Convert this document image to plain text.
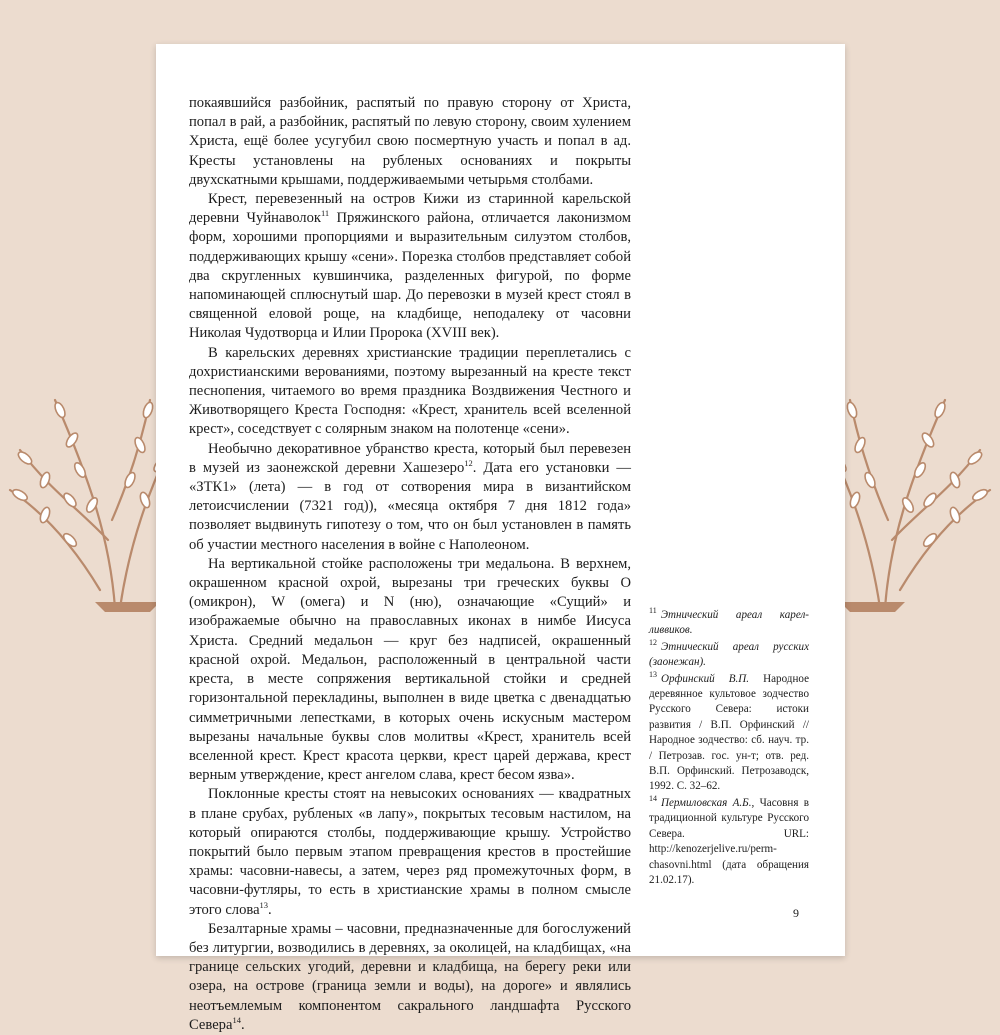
покаявшийся разбойник, распятый по правую сторону от Христа, попал в рай, а разбойник, распятый по левую сторону, своим хулением Христа, ещё более усугубил свою посмертную участь и попал в ад. Кресты установлены на рубленых основаниях и покрыты двухскатными крышами, поддерживаемыми четырьмя столбами.

Крест, перевезенный на остров Кижи из старинной карельской деревни Чуйнаволок$^{11}$ Пряжинского района, отличается лаконизмом форм, хорошими пропорциями и выразительным силуэтом столбов, поддерживающих крышу «сени». Порезка столбов представляет собой два скругленных кувшинчика, разделенных фигурой, по форме напоминающей сплюснутый шар. До перевозки в музей крест стоял в священной еловой роще, на кладбище, неподалеку от часовни Николая Чудотворца и Илии Пророка (XVIII век).

В карельских деревнях христианские традиции переплетались с дохристианскими верованиями, поэтому вырезанный на кресте текст песнопения, читаемого во время праздника Воздвижения Честного и Животворящего Креста Господня: «Крест, хранитель всей вселенной крест», соседствует с солярным знаком на полотенце «сени».

Необычно декоративное убранство креста, который был перевезен в музей из заонежской деревни Хашезеро$^{12}$. Дата его установки — «ЗТК1» (лета) — в год от сотворения мира в византийском летоисчислении (7321 год)), «месяца октября 7 дня 1812 года» позволяет выдвинуть гипотезу о том, что он был установлен в память об участии местного населения в войне с Наполеоном.

На вертикальной стойке расположены три медальона. В верхнем, окрашенном красной охрой, вырезаны три греческих буквы О (омикрон), W (омега) и N (ню), означающие «Сущий» и изображаемые обычно на православных иконах в нимбе Иисуса Христа. Средний медальон — круг без надписей, окрашенный красной охрой. Медальон, расположенный в центральной части креста, в месте сопряжения вертикальной стойки и средней горизонтальной перекладины, выполнен в виде цветка с двенадцатью симметричными лепестками, в которых очень искусным мастером вырезаны начальные буквы слов молитвы «Крест, хранитель всей вселенной крест. Крест красота церкви, крест царей держава, крест верным утверждение, крест ангелом слава, крест бесом язва».

Поклонные кресты стоят на невысоких основаниях — квадратных в плане срубах, рубленых «в лапу», покрытых тесовым настилом, на который опираются столбы, поддерживающие крышу. Устройство покрытий было первым этапом превращения крестов в простейшие храмы: часовни-навесы, а затем, через ряд промежуточных форм, в часовни-футляры, то есть в христианские храмы в полном смысле этого слова$^{13}$.

Безалтарные храмы – часовни, предназначенные для богослужений без литургии, возводились в деревнях, за околицей, на кладбищах, «на границе сельских угодий, деревни и кладбища, на берегу реки или озера, на острове (граница земли и воды), на дороге» и являлись неотъемлемым компонентом сакрального ландшафта Русского Севера$^{14}$.

$^{11}$ Этнический ареал карел-ливвиков.

$^{12}$ Этнический ареал русских (заонежан).

$^{13}$ Орфинский В.П. Народное деревянное культовое зодчество Русского Севера: истоки развития / В.П. Орфинский // Народное зодчество: сб. науч. тр. / Петрозав. гос. ун-т; отв. ред. В.П. Орфинский. Петрозаводск, 1992. С. 32–62.

$^{14}$ Пермиловская А.Б., Часовня в традиционной культуре Русского Севера. URL: http://kenozerjelive.ru/perm-chasovni.html (дата обращения 21.02.17).

9
